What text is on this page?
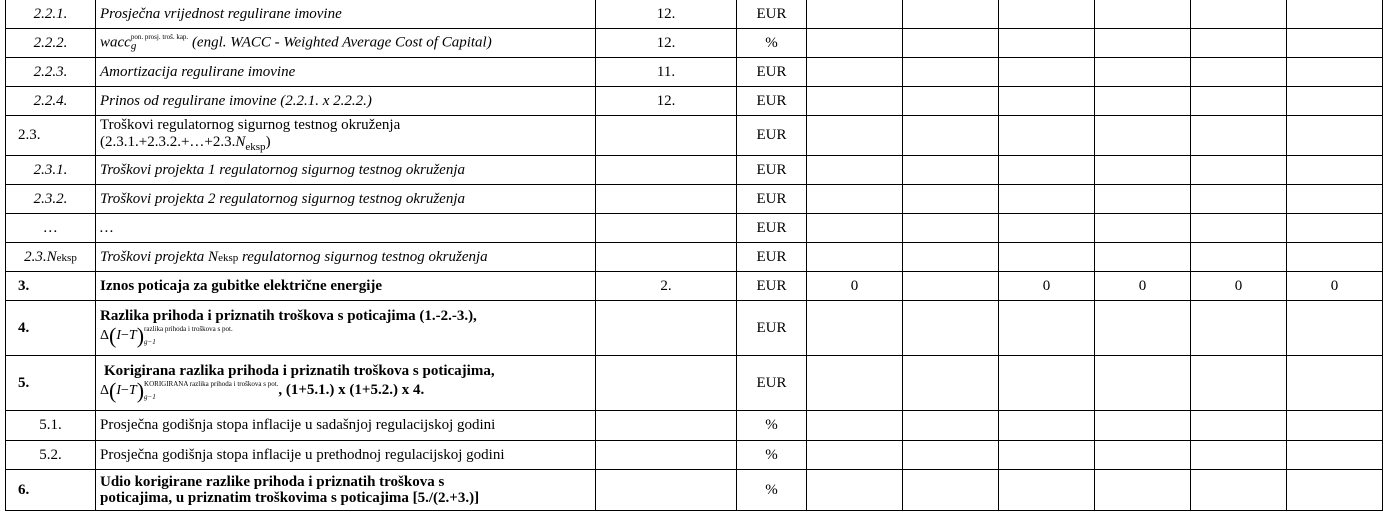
2.2.1.	Prosječna vrijednost regulirane imovine	12.	EUR						
2.2.2.	wacc pon. prosj. troš. kap.
g (engl. WACC - Weighted Average Cost of Capital)	12.	%						
2.2.3.	Amortizacija regulirane imovine	11.	EUR						
2.2.4.	Prinos od regulirane imovine (2.2.1. x 2.2.2.)	12.	EUR						
2.3.	Troškovi regulatornog sigurnog testnog okruženja
$(2.3.1.+2.3.2.+\dots+2.3.N_{eksp})$		EUR						
2.3.1.	Troškovi projekta 1 regulatornog sigurnog testnog okruženja		EUR						
2.3.2.	Troškovi projekta 2 regulatornog sigurnog testnog okruženja		EUR						
…	…		EUR						
2.3.Neksp	Troškovi projekta Neksp regulatornog sigurnog testnog okruženja		EUR						
3.	Iznos poticaja za gubitke električne energije	2.	EUR	0		0	0	0	0
4.	Razlika prihoda i priznatih troškova s poticajima (1.-2.-3.),
Δ(I−T) razlika prihoda i troškova s pot.
g−1		EUR						
5.	Korigirana razlika prihoda i priznatih troškova s poticajima,
Δ(I−T) KORIGIRANA razlika prihoda i troškova s pot.
g−1 , (1+5.1.) x (1+5.2.) x 4.		EUR						
5.1.	Prosječna godišnja stopa inflacije u sadašnjoj regulacijskoj godini		%						
5.2.	Prosječna godišnja stopa inflacije u prethodnoj regulacijskoj godini		%						
6.	Udio korigirane razlike prihoda i priznatih troškova s
poticajima, u priznatim troškovima s poticajima [5./(2.+3.)]		%						
